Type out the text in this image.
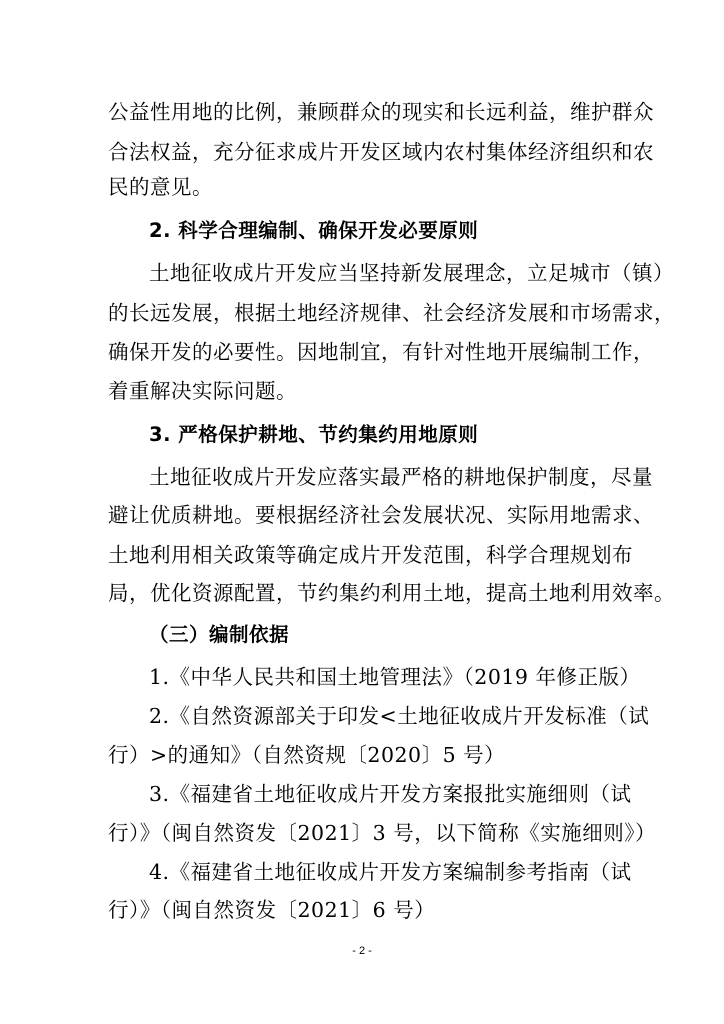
公益性用地的比例，兼顾群众的现实和长远利益，维护群众
合法权益，充分征求成片开发区域内农村集体经济组织和农
民的意见。
2. 科学合理编制、确保开发必要原则
土地征收成片开发应当坚持新发展理念，立足城市（镇）
的长远发展，根据土地经济规律、社会经济发展和市场需求，
确保开发的必要性。因地制宜，有针对性地开展编制工作，
着重解决实际问题。
3. 严格保护耕地、节约集约用地原则
土地征收成片开发应落实最严格的耕地保护制度，尽量
避让优质耕地。要根据经济社会发展状况、实际用地需求、
土地利用相关政策等确定成片开发范围，科学合理规划布
局，优化资源配置，节约集约利用土地，提高土地利用效率。
（三）编制依据
1.《中华人民共和国土地管理法》（2019 年修正版）
2.《自然资源部关于印发<土地征收成片开发标准（试
行）>的通知》（自然资规〔2020〕5 号）
3.《福建省土地征收成片开发方案报批实施细则（试
行）》（闽自然资发〔2021〕3 号，以下简称《实施细则》）
4.《福建省土地征收成片开发方案编制参考指南（试
行）》（闽自然资发〔2021〕6 号）
- 2 -
